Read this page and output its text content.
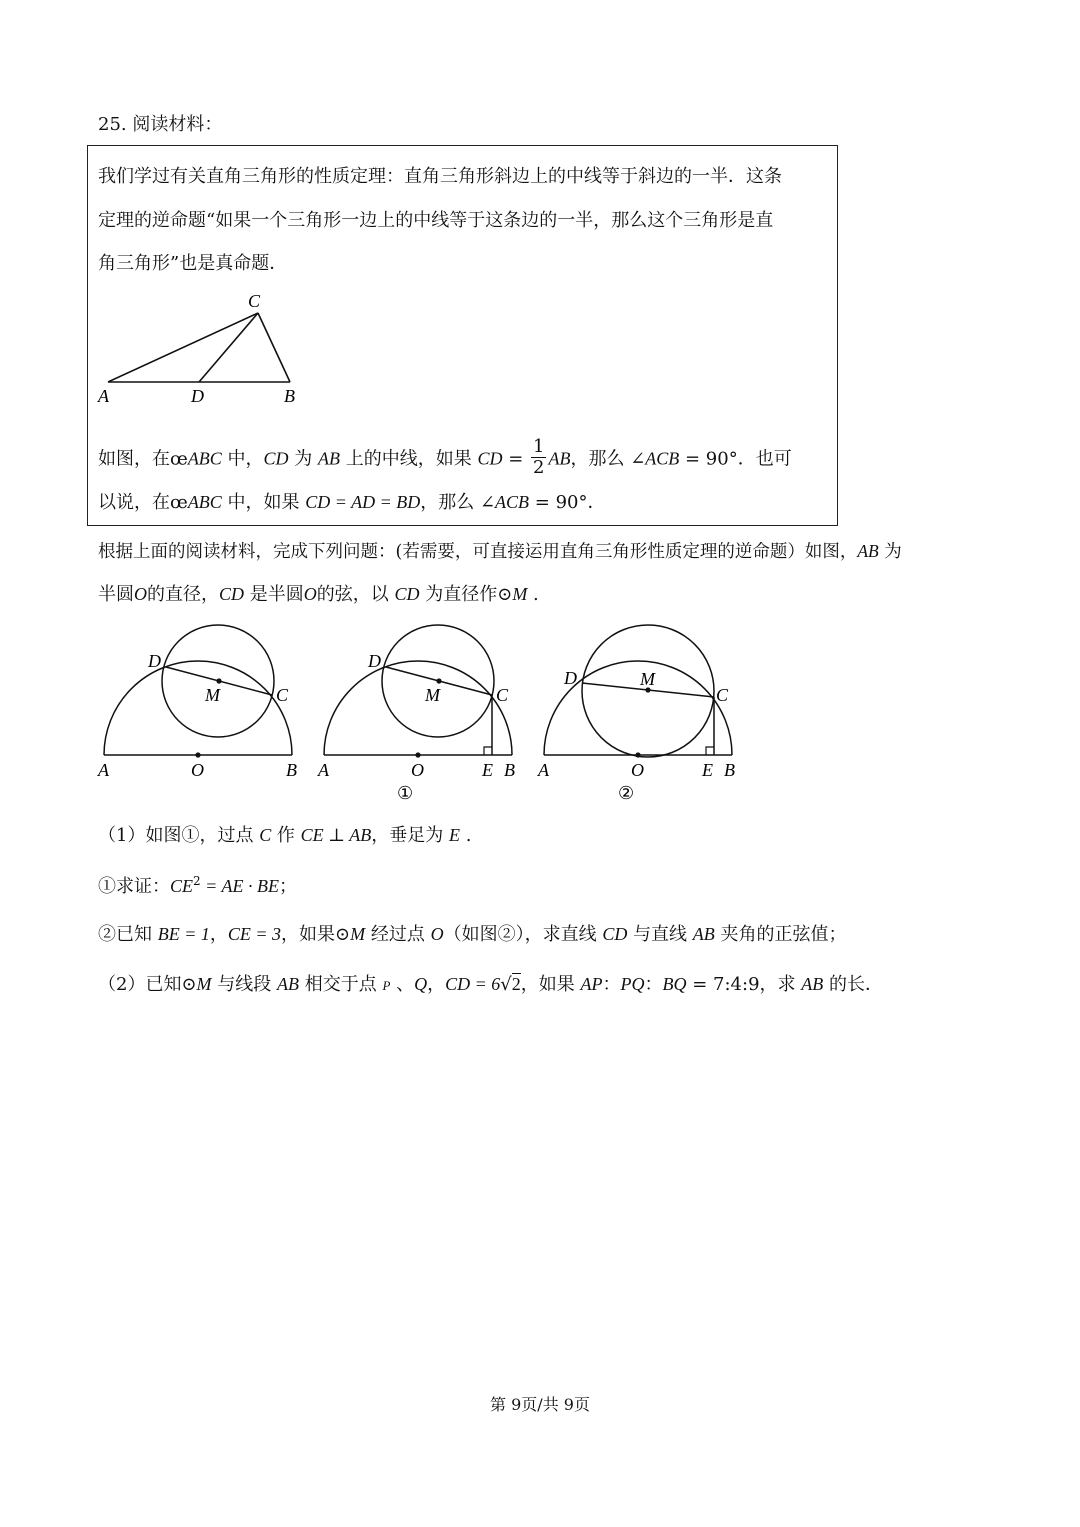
25. 阅读材料：
我们学过有关直角三角形的性质定理：直角三角形斜边上的中线等于斜边的一半．这条
定理的逆命题“如果一个三角形一边上的中线等于这条边的一半，那么这个三角形是直
角三角形”也是真命题．
C
A	D	B
如图，在œABC 中，CD 为 AB 上的中线，如果 CD = $\frac{1}{2}$ AB，那么 ∠ACB = 90°．也可
以说，在œABC 中，如果 CD = AD = BD，那么 ∠ACB = 90°．
根据上面的阅读材料，完成下列问题：(若需要，可直接运用直角三角形性质定理的逆命题）如图，AB 为
半圆O的直径，CD 是半圆O的弦，以 CD 为直径作⊙M .
D
M	C
A	O	B
D
M	C
A	O	E B
①
D	M
C
A	O	E B
②
（1）如图①，过点 C 作 CE ⊥ AB，垂足为 E .
①求证：$CE^2$ = AE · BE；
②已知 BE = 1，CE = 3，如果⊙M 经过点 O（如图②），求直线 CD 与直线 AB 夹角的正弦值；
（2）已知⊙M 与线段 AB 相交于点 P 、Q，CD = 6√2，如果 AP：PQ：BQ = 7:4:9，求 AB 的长．
第 9页/共 9页
